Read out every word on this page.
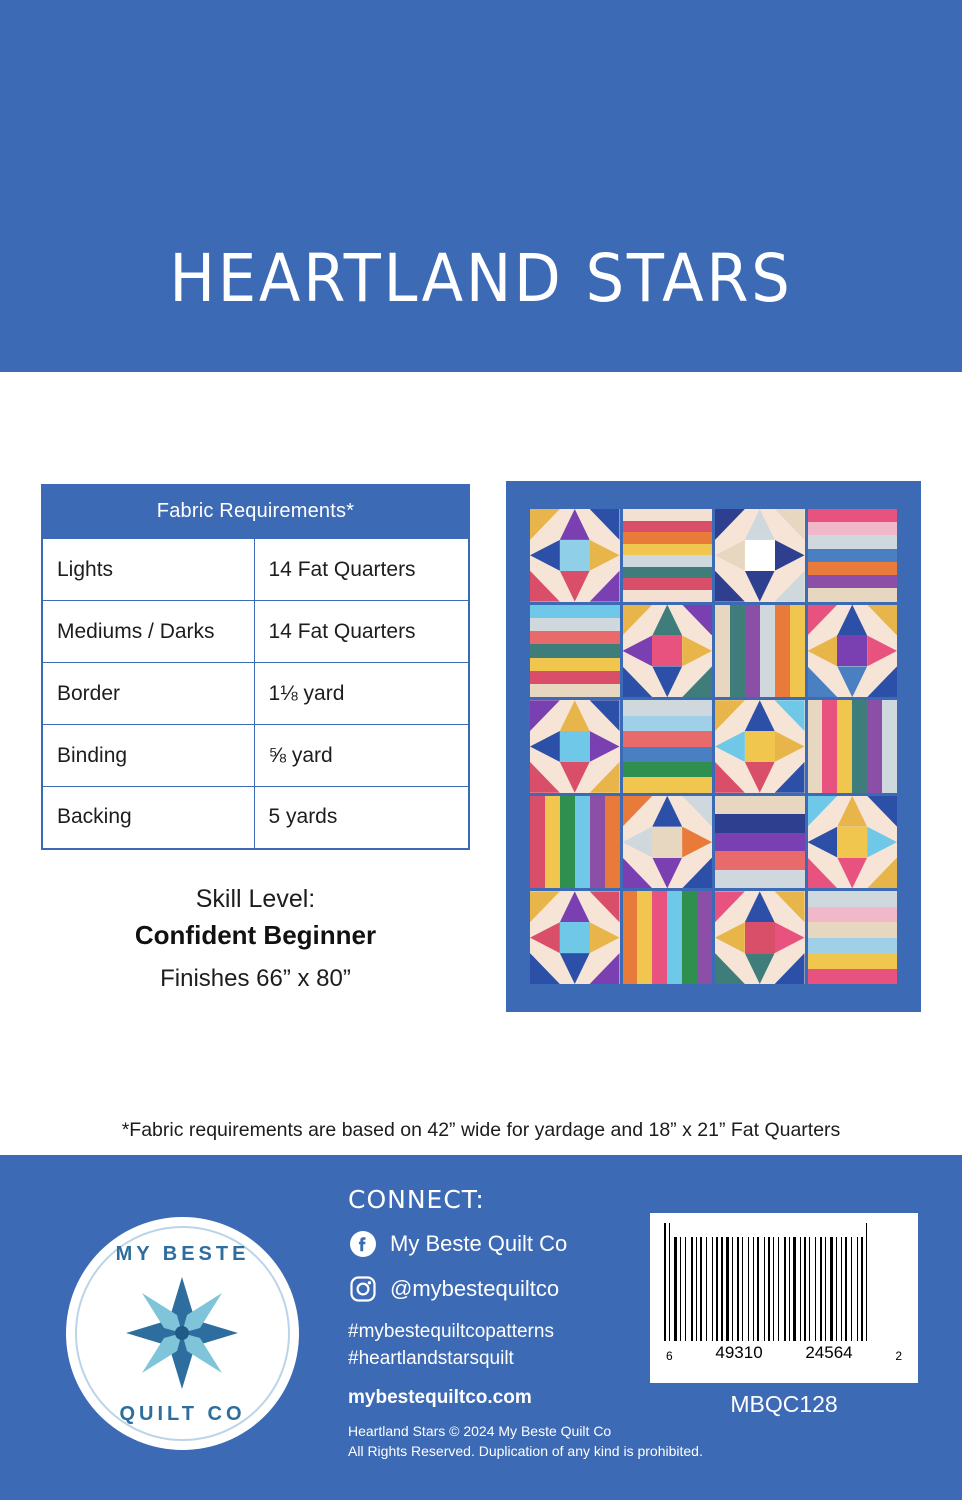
HEARTLAND STARS
Fabric Requirements*	
Lights	14 Fat Quarters
Mediums / Darks	14 Fat Quarters
Border	1⅛ yard
Binding	⅝ yard
Backing	5 yards
Skill Level:
Confident Beginner
Finishes 66” x 80”
*Fabric requirements are based on 42” wide for yardage and 18” x 21” Fat Quarters
MY BESTE
QUILT CO
CONNECT:
My Beste Quilt Co
@mybestequiltco
#mybestequiltcopatterns
#heartlandstarsquilt
mybestequiltco.com
Heartland Stars © 2024 My Beste Quilt Co
All Rights Reserved. Duplication of any kind is prohibited.
6	49310	24564	2
MBQC128
